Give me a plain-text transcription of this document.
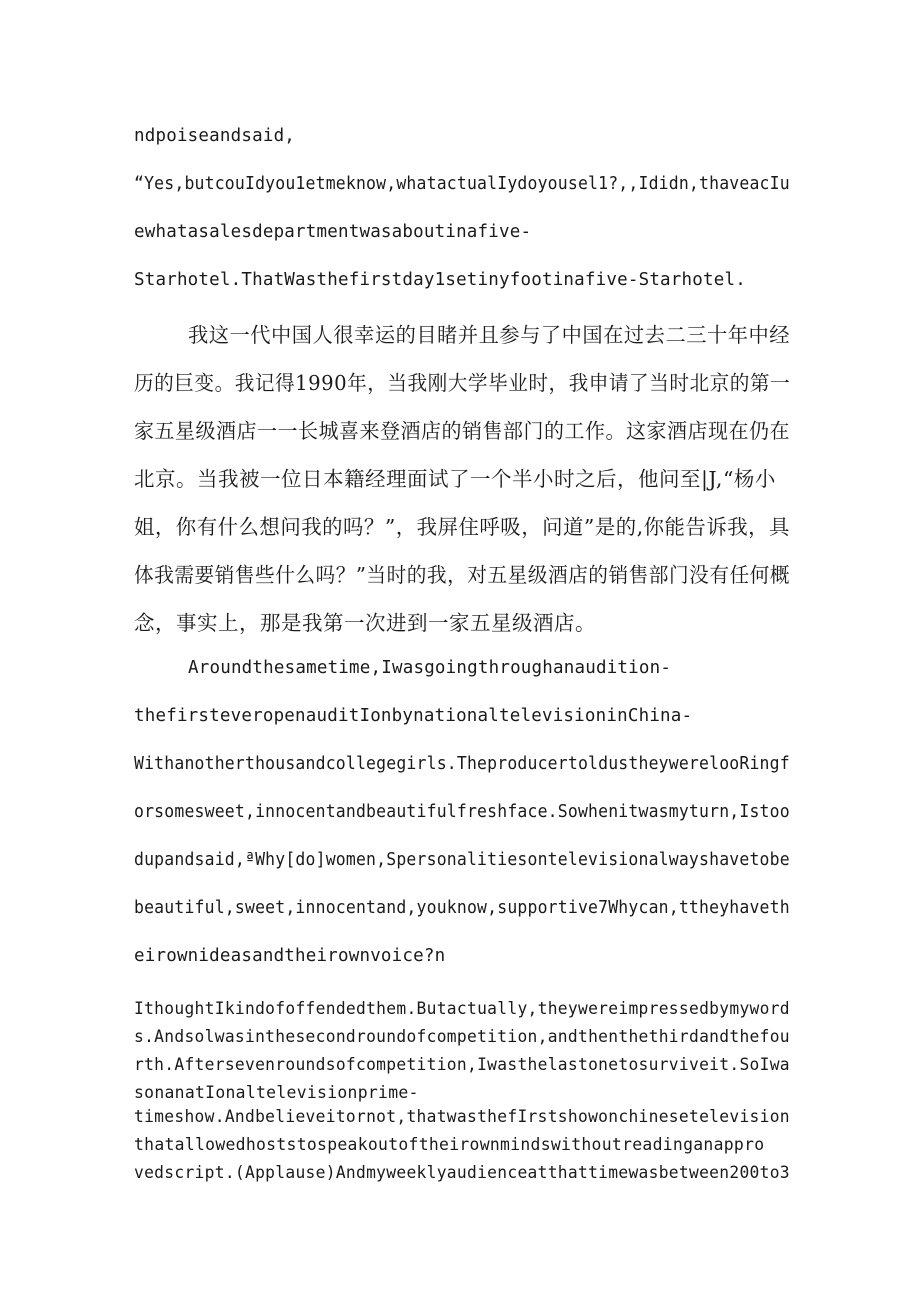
ndpoiseandsaid,
“Yes,butcouIdyou1etmeknow,whatactualIydoyousel1?,,Ididn,thaveacIu
ewhatasalesdepartmentwasaboutinafive-
Starhotel.ThatWasthefirstday1setinyfootinafive-Starhotel.
我这一代中国人很幸运的目睹并且参与了中国在过去二三十年中经
历的巨变。我记得1990年，当我刚大学毕业时，我申请了当时北京的第一
家五星级酒店一一长城喜来登酒店的销售部门的工作。这家酒店现在仍在
北京。当我被一位日本籍经理面试了一个半小时之后，他问至|J,“杨小
姐，你有什么想问我的吗？”，我屏住呼吸，问道”是的,你能告诉我，具
体我需要销售些什么吗？”当时的我，对五星级酒店的销售部门没有任何概
念，事实上，那是我第一次进到一家五星级酒店。
Aroundthesametime,Iwasgoingthroughanaudition-
thefirsteveropenauditIonbynationaltelevisioninChina-
Withanotherthousandcollegegirls.TheproducertoldustheywerelooRingf
orsomesweet,innocentandbeautifulfreshface.Sowhenitwasmyturn,Istoo
dupandsaid,ªWhy[do]women,Spersonalitiesontelevisionalwayshavetobe
beautiful,sweet,innocentand,youknow,supportive7Whycan,ttheyhaveth
eirownideasandtheirownvoice?n
IthoughtIkindofoffendedthem.Butactually,theywereimpressedbymyword
s.Andsolwasinthesecondroundofcompetition,andthenthethirdandthefou
rth.Aftersevenroundsofcompetition,Iwasthelastonetosurviveit.SoIwa
sonanatIonaltelevisionprime-
timeshow.Andbelieveitornot,thatwasthefIrstshowonchinesetelevision
thatallowedhoststospeakoutoftheirownmindswithoutreadinganappro
vedscript.(Applause)Andmyweeklyaudienceatthattimewasbetween200to3
